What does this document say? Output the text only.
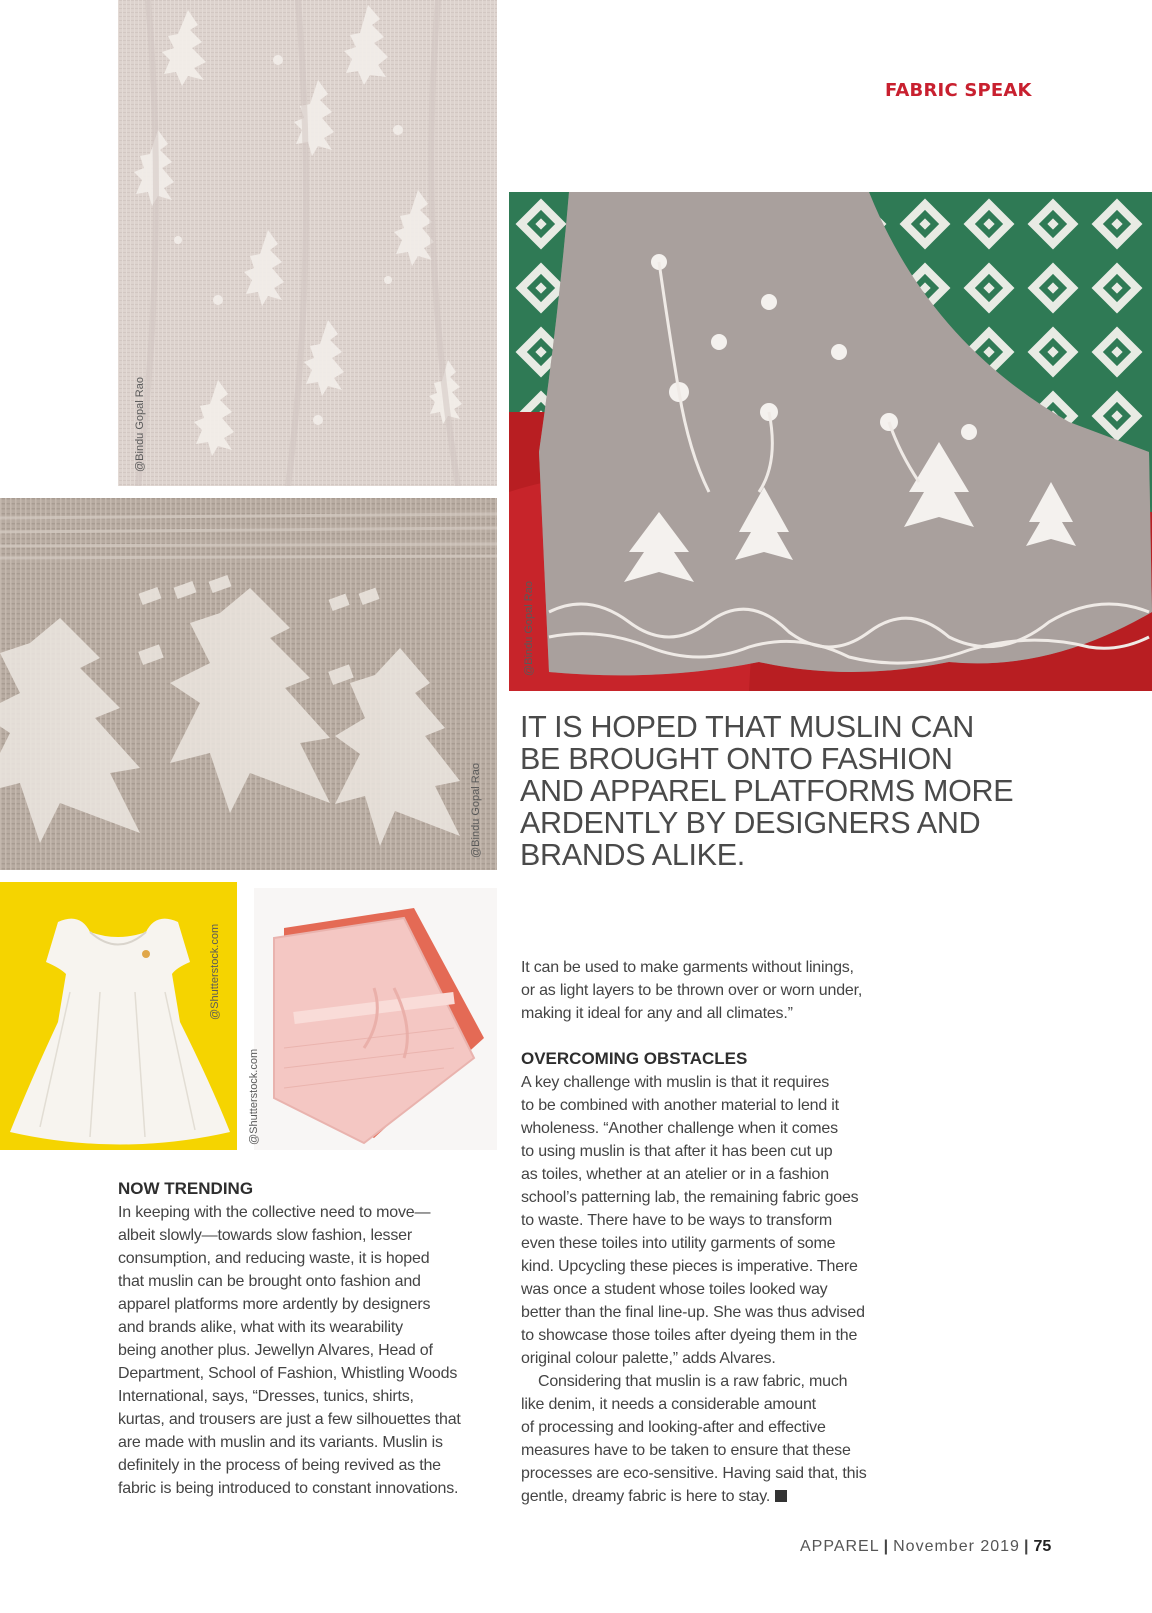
FABRIC SPEAK
@Bindu Gopal Rao
@Bindu Gopal Rao
@Bindu Gopal Rao
IT IS HOPED THAT MUSLIN CAN
BE BROUGHT ONTO FASHION
AND APPAREL PLATFORMS MORE
ARDENTLY BY DESIGNERS AND
BRANDS ALIKE.
@Shutterstock.com
@Shutterstock.com
NOW TRENDING
In keeping with the collective need to move—
albeit slowly—towards slow fashion, lesser
consumption, and reducing waste, it is hoped
that muslin can be brought onto fashion and
apparel platforms more ardently by designers
and brands alike, what with its wearability
being another plus. Jewellyn Alvares, Head of
Department, School of Fashion, Whistling Woods
International, says, “Dresses, tunics, shirts,
kurtas, and trousers are just a few silhouettes that
are made with muslin and its variants. Muslin is
definitely in the process of being revived as the
fabric is being introduced to constant innovations.
It can be used to make garments without linings,
or as light layers to be thrown over or worn under,
making it ideal for any and all climates.”
OVERCOMING OBSTACLES
A key challenge with muslin is that it requires
to be combined with another material to lend it
wholeness. “Another challenge when it comes
to using muslin is that after it has been cut up
as toiles, whether at an atelier or in a fashion
school’s patterning lab, the remaining fabric goes
to waste. There have to be ways to transform
even these toiles into utility garments of some
kind. Upcycling these pieces is imperative. There
was once a student whose toiles looked way
better than the final line-up. She was thus advised
to showcase those toiles after dyeing them in the
original colour palette,” adds Alvares.
Considering that muslin is a raw fabric, much
like denim, it needs a considerable amount
of processing and looking-after and effective
measures have to be taken to ensure that these
processes are eco-sensitive. Having said that, this
gentle, dreamy fabric is here to stay.
APPAREL | November 2019 | 75
